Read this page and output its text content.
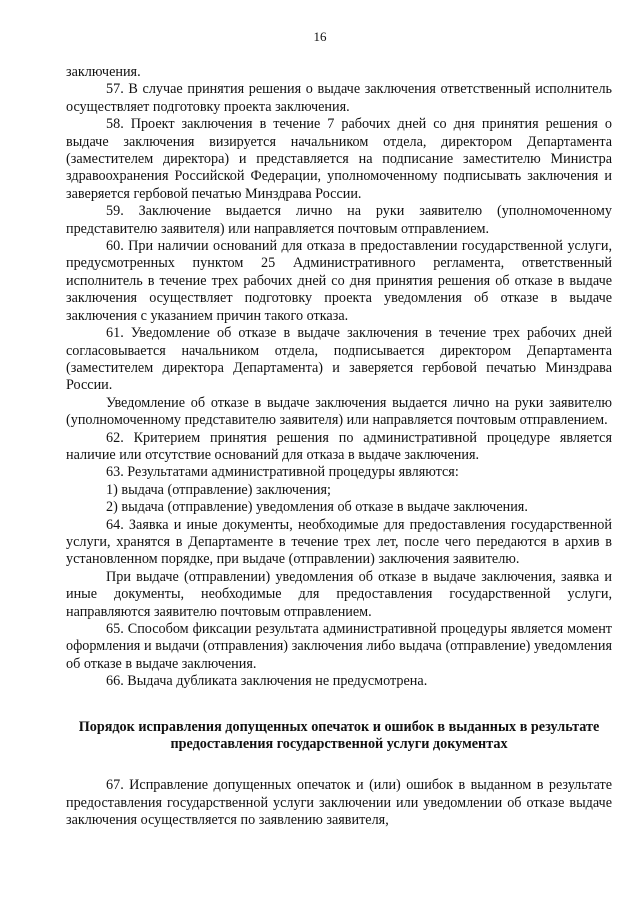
16

заключения.

57. В случае принятия решения о выдаче заключения ответственный исполнитель осуществляет подготовку проекта заключения.

58. Проект заключения в течение 7 рабочих дней со дня принятия решения о выдаче заключения визируется начальником отдела, директором Департамента (заместителем директора) и представляется на подписание заместителю Министра здравоохранения Российской Федерации, уполномоченному подписывать заключения и заверяется гербовой печатью Минздрава России.

59. Заключение выдается лично на руки заявителю (уполномоченному представителю заявителя) или направляется почтовым отправлением.

60. При наличии оснований для отказа в предоставлении государственной услуги, предусмотренных пунктом 25 Административного регламента, ответственный исполнитель в течение трех рабочих дней со дня принятия решения об отказе в выдаче заключения осуществляет подготовку проекта уведомления об отказе в выдаче заключения с указанием причин такого отказа.

61. Уведомление об отказе в выдаче заключения в течение трех рабочих дней согласовывается начальником отдела, подписывается директором Департамента (заместителем директора Департамента) и заверяется гербовой печатью Минздрава России.

Уведомление об отказе в выдаче заключения выдается лично на руки заявителю (уполномоченному представителю заявителя) или направляется почтовым отправлением.

62. Критерием принятия решения по административной процедуре является наличие или отсутствие оснований для отказа в выдаче заключения.

63. Результатами административной процедуры являются:

1) выдача (отправление) заключения;

2) выдача (отправление) уведомления об отказе в выдаче заключения.

64. Заявка и иные документы, необходимые для предоставления государственной услуги, хранятся в Департаменте в течение трех лет, после чего передаются в архив в установленном порядке, при выдаче (отправлении) заключения заявителю.

При выдаче (отправлении) уведомления об отказе в выдаче заключения, заявка и иные документы, необходимые для предоставления государственной услуги, направляются заявителю почтовым отправлением.

65. Способом фиксации результата административной процедуры является момент оформления и выдачи (отправления) заключения либо выдача (отправление) уведомления об отказе в выдаче заключения.

66. Выдача дубликата заключения не предусмотрена.

Порядок исправления допущенных опечаток и ошибок в выданных в результате предоставления государственной услуги документах

67. Исправление допущенных опечаток и (или) ошибок в выданном в результате предоставления государственной услуги заключении или уведомлении об отказе выдаче заключения осуществляется по заявлению заявителя,
